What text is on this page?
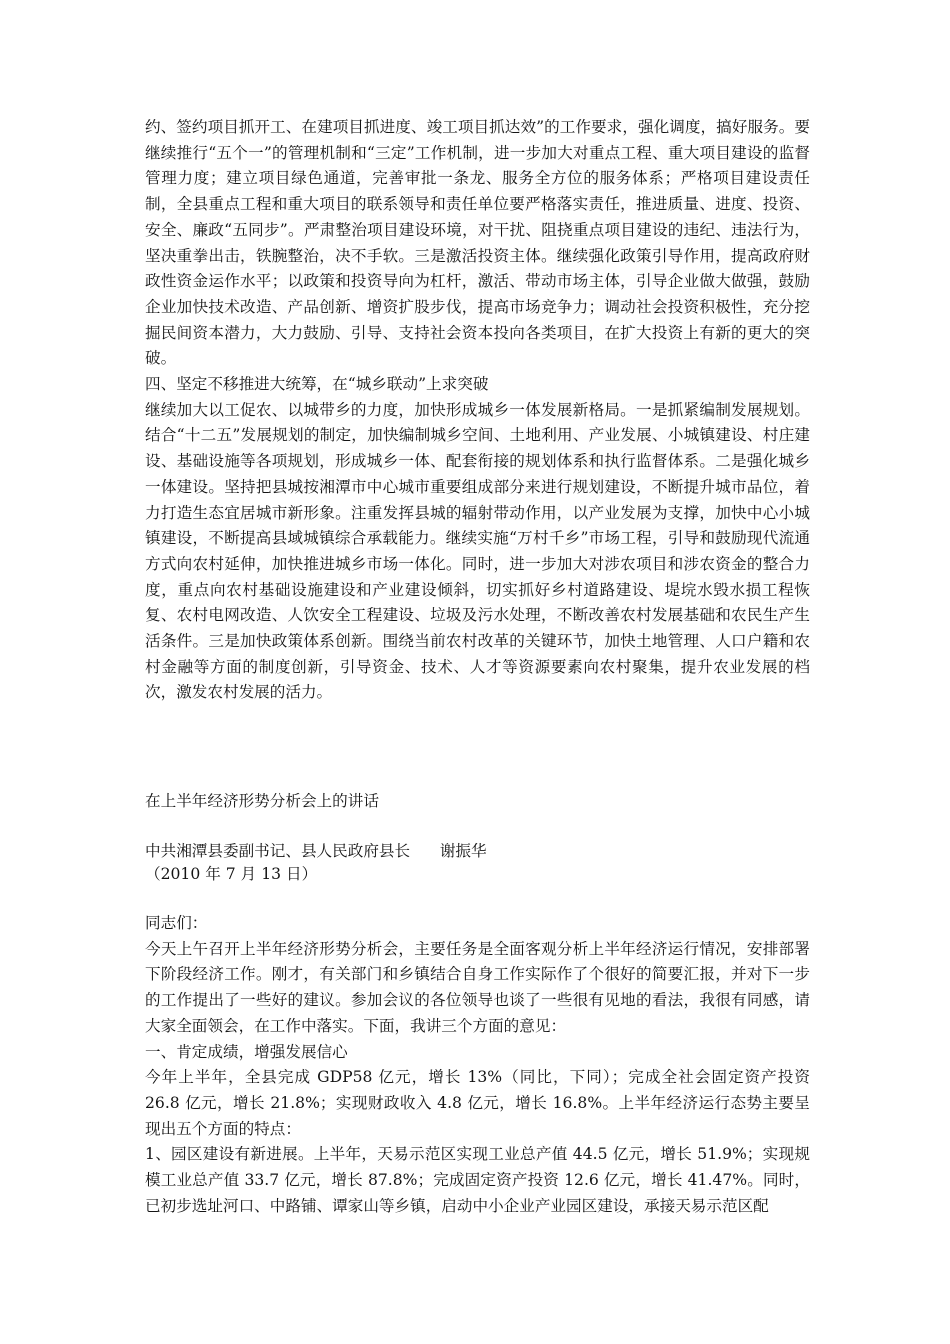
约、签约项目抓开工、在建项目抓进度、竣工项目抓达效”的工作要求，强化调度，搞好服务。要继续推行“五个一”的管理机制和“三定”工作机制，进一步加大对重点工程、重大项目建设的监督管理力度；建立项目绿色通道，完善审批一条龙、服务全方位的服务体系；严格项目建设责任制，全县重点工程和重大项目的联系领导和责任单位要严格落实责任，推进质量、进度、投资、安全、廉政“五同步”。严肃整治项目建设环境，对干扰、阻挠重点项目建设的违纪、违法行为，坚决重拳出击，铁腕整治，决不手软。三是激活投资主体。继续强化政策引导作用，提高政府财政性资金运作水平；以政策和投资导向为杠杆，激活、带动市场主体，引导企业做大做强，鼓励企业加快技术改造、产品创新、增资扩股步伐，提高市场竞争力；调动社会投资积极性，充分挖掘民间资本潜力，大力鼓励、引导、支持社会资本投向各类项目，在扩大投资上有新的更大的突破。

四、坚定不移推进大统筹，在“城乡联动”上求突破

继续加大以工促农、以城带乡的力度，加快形成城乡一体发展新格局。一是抓紧编制发展规划。结合“十二五”发展规划的制定，加快编制城乡空间、土地利用、产业发展、小城镇建设、村庄建设、基础设施等各项规划，形成城乡一体、配套衔接的规划体系和执行监督体系。二是强化城乡一体建设。坚持把县城按湘潭市中心城市重要组成部分来进行规划建设，不断提升城市品位，着力打造生态宜居城市新形象。注重发挥县城的辐射带动作用，以产业发展为支撑，加快中心小城镇建设，不断提高县域城镇综合承载能力。继续实施“万村千乡”市场工程，引导和鼓励现代流通方式向农村延伸，加快推进城乡市场一体化。同时，进一步加大对涉农项目和涉农资金的整合力度，重点向农村基础设施建设和产业建设倾斜，切实抓好乡村道路建设、堤垸水毁水损工程恢复、农村电网改造、人饮安全工程建设、垃圾及污水处理，不断改善农村发展基础和农民生产生活条件。三是加快政策体系创新。围绕当前农村改革的关键环节，加快土地管理、人口户籍和农村金融等方面的制度创新，引导资金、技术、人才等资源要素向农村聚集，提升农业发展的档次，激发农村发展的活力。

在上半年经济形势分析会上的讲话
中共湘潭县委副书记、县人民政府县长      谢振华
（2010 年 7 月 13 日）

同志们：

今天上午召开上半年经济形势分析会，主要任务是全面客观分析上半年经济运行情况，安排部署下阶段经济工作。刚才，有关部门和乡镇结合自身工作实际作了个很好的简要汇报，并对下一步的工作提出了一些好的建议。参加会议的各位领导也谈了一些很有见地的看法，我很有同感，请大家全面领会，在工作中落实。下面，我讲三个方面的意见：

一、肯定成绩，增强发展信心

今年上半年，全县完成 GDP58 亿元，增长 13%（同比，下同）；完成全社会固定资产投资 26.8 亿元，增长 21.8%；实现财政收入 4.8 亿元，增长 16.8%。上半年经济运行态势主要呈现出五个方面的特点：

1、园区建设有新进展。上半年，天易示范区实现工业总产值 44.5 亿元，增长 51.9%；实现规模工业总产值 33.7 亿元，增长 87.8%；完成固定资产投资 12.6 亿元，增长 41.47%。同时，已初步选址河口、中路铺、谭家山等乡镇，启动中小企业产业园区建设，承接天易示范区配
